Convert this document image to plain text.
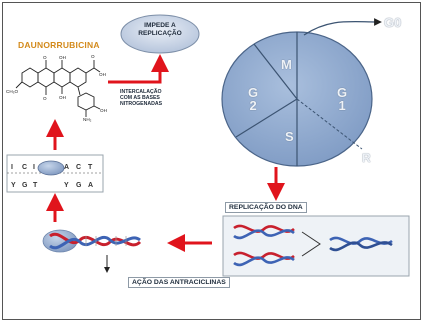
O	OH
O	OH
O
OH
CH₃O
NH₂
OH
I C I	A C T
Y G T	Y G A
IMPEDE A
REPLICAÇÃO
DAUNORRUBICINA
INTERCALAÇÃO
COM AS BASES
NITROGENADAS
M
G
2
G
1
S
R
G0
REPLICAÇÃO DO DNA
AÇÃO DAS ANTRACICLINAS
